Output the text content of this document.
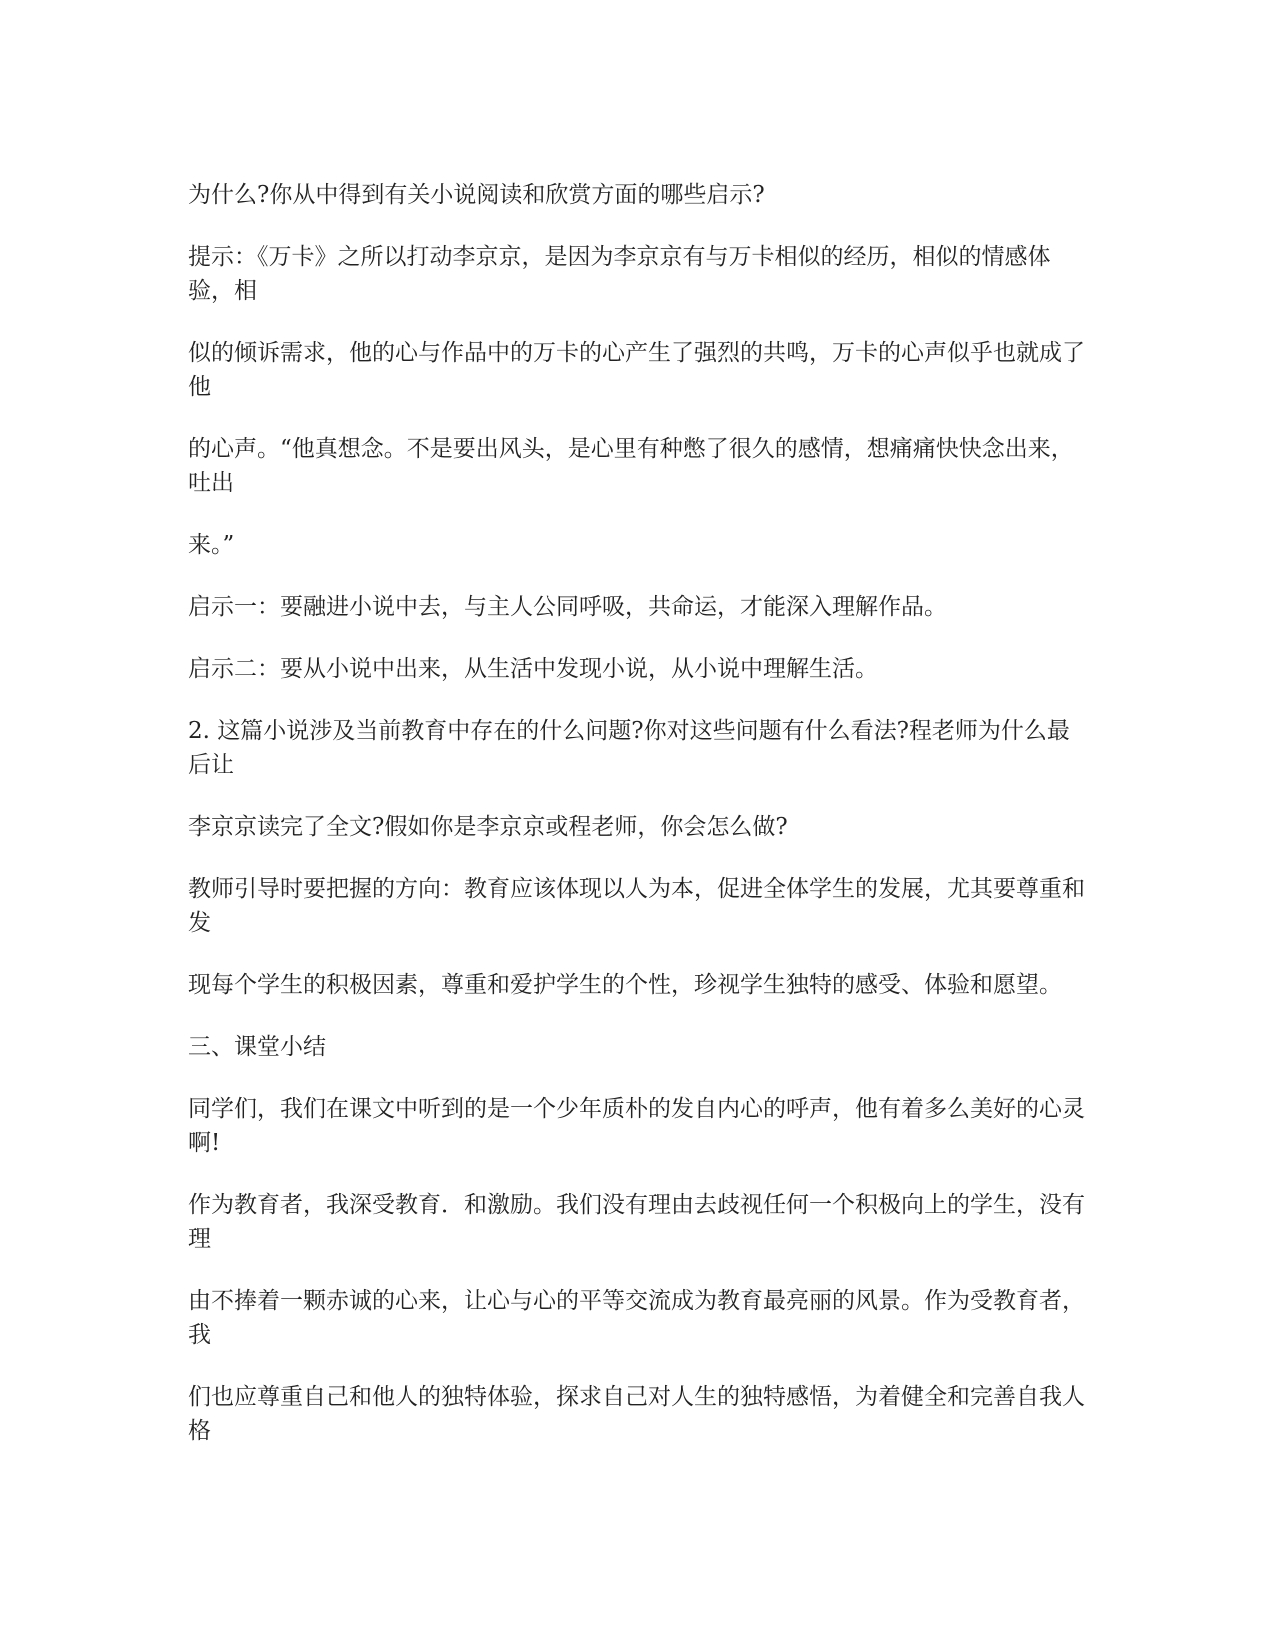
为什么?你从中得到有关小说阅读和欣赏方面的哪些启示?

提示：《万卡》之所以打动李京京，是因为李京京有与万卡相似的经历，相似的情感体验，相

似的倾诉需求，他的心与作品中的万卡的心产生了强烈的共鸣，万卡的心声似乎也就成了他

的心声。“他真想念。不是要出风头，是心里有种憋了很久的感情，想痛痛快快念出来，吐出

来。”

启示一：要融进小说中去，与主人公同呼吸，共命运，才能深入理解作品。

启示二：要从小说中出来，从生活中发现小说，从小说中理解生活。

2. 这篇小说涉及当前教育中存在的什么问题?你对这些问题有什么看法?程老师为什么最后让

李京京读完了全文?假如你是李京京或程老师，你会怎么做?

教师引导时要把握的方向：教育应该体现以人为本，促进全体学生的发展，尤其要尊重和发

现每个学生的积极因素，尊重和爱护学生的个性，珍视学生独特的感受、体验和愿望。

三、课堂小结

同学们，我们在课文中听到的是一个少年质朴的发自内心的呼声，他有着多么美好的心灵啊!

作为教育者，我深受教育．和激励。我们没有理由去歧视任何一个积极向上的学生，没有理

由不捧着一颗赤诚的心来，让心与心的平等交流成为教育最亮丽的风景。作为受教育者，我

们也应尊重自己和他人的独特体验，探求自己对人生的独特感悟，为着健全和完善自我人格
